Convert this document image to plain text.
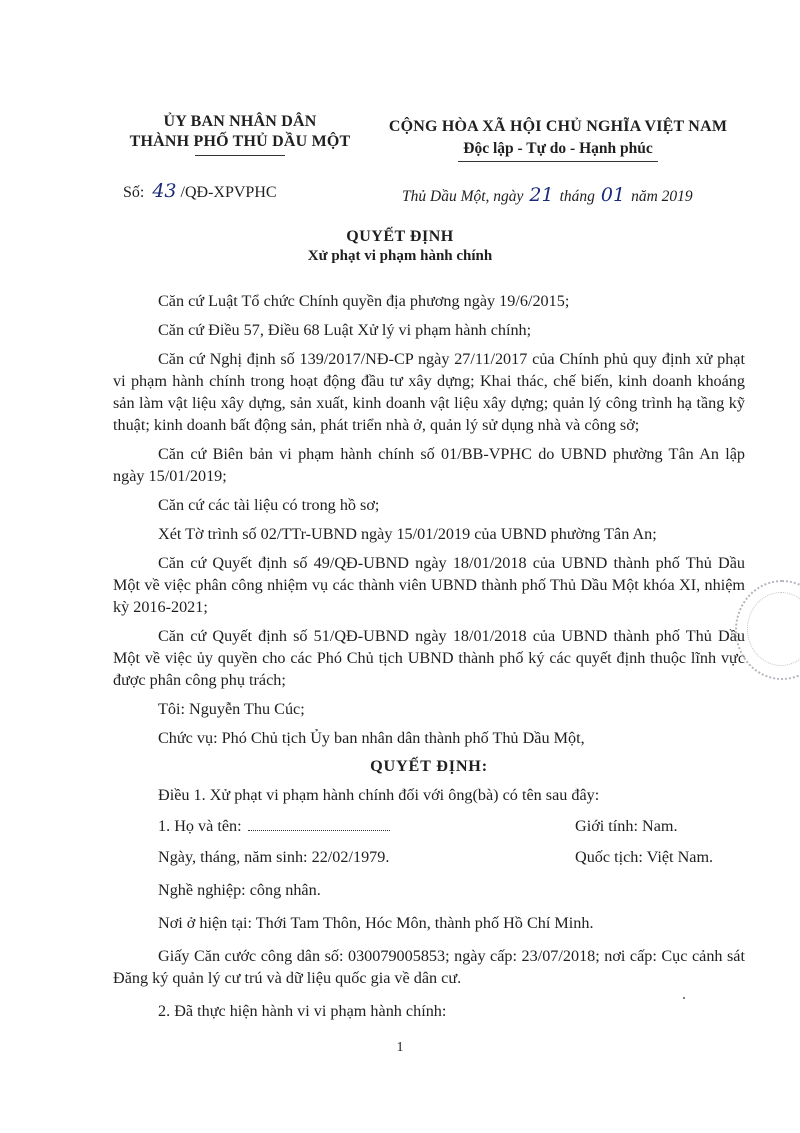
ỦY BAN NHÂN DÂN
THÀNH PHỐ THỦ DẦU MỘT
CỘNG HÒA XÃ HỘI CHỦ NGHĨA VIỆT NAM
Độc lập - Tự do - Hạnh phúc
Số: 43 /QĐ-XPVPHC	Thủ Dầu Một, ngày 21 tháng 01 năm 2019
QUYẾT ĐỊNH
Xử phạt vi phạm hành chính

Căn cứ Luật Tổ chức Chính quyền địa phương ngày 19/6/2015;

Căn cứ Điều 57, Điều 68 Luật Xử lý vi phạm hành chính;

Căn cứ Nghị định số 139/2017/NĐ-CP ngày 27/11/2017 của Chính phủ quy định xử phạt vi phạm hành chính trong hoạt động đầu tư xây dựng; Khai thác, chế biến, kinh doanh khoáng sản làm vật liệu xây dựng, sản xuất, kinh doanh vật liệu xây dựng; quản lý công trình hạ tầng kỹ thuật; kinh doanh bất động sản, phát triển nhà ở, quản lý sử dụng nhà và công sở;

Căn cứ Biên bản vi phạm hành chính số 01/BB-VPHC do UBND phường Tân An lập ngày 15/01/2019;

Căn cứ các tài liệu có trong hồ sơ;

Xét Tờ trình số 02/TTr-UBND ngày 15/01/2019 của UBND phường Tân An;

Căn cứ Quyết định số 49/QĐ-UBND ngày 18/01/2018 của UBND thành phố Thủ Dầu Một về việc phân công nhiệm vụ các thành viên UBND thành phố Thủ Dầu Một khóa XI, nhiệm kỳ 2016-2021;

Căn cứ Quyết định số 51/QĐ-UBND ngày 18/01/2018 của UBND thành phố Thủ Dầu Một về việc ủy quyền cho các Phó Chủ tịch UBND thành phố ký các quyết định thuộc lĩnh vực được phân công phụ trách;

Tôi: Nguyễn Thu Cúc;

Chức vụ: Phó Chủ tịch Ủy ban nhân dân thành phố Thủ Dầu Một,

QUYẾT ĐỊNH:

Điều 1. Xử phạt vi phạm hành chính đối với ông(bà) có tên sau đây:

1. Họ và tên:	Giới tính: Nam.
Ngày, tháng, năm sinh: 22/02/1979.	Quốc tịch: Việt Nam.

Nghề nghiệp: công nhân.

Nơi ở hiện tại: Thới Tam Thôn, Hóc Môn, thành phố Hồ Chí Minh.

Giấy Căn cước công dân số: 030079005853; ngày cấp: 23/07/2018; nơi cấp: Cục cảnh sát Đăng ký quản lý cư trú và dữ liệu quốc gia về dân cư.

2. Đã thực hiện hành vi vi phạm hành chính:

1
